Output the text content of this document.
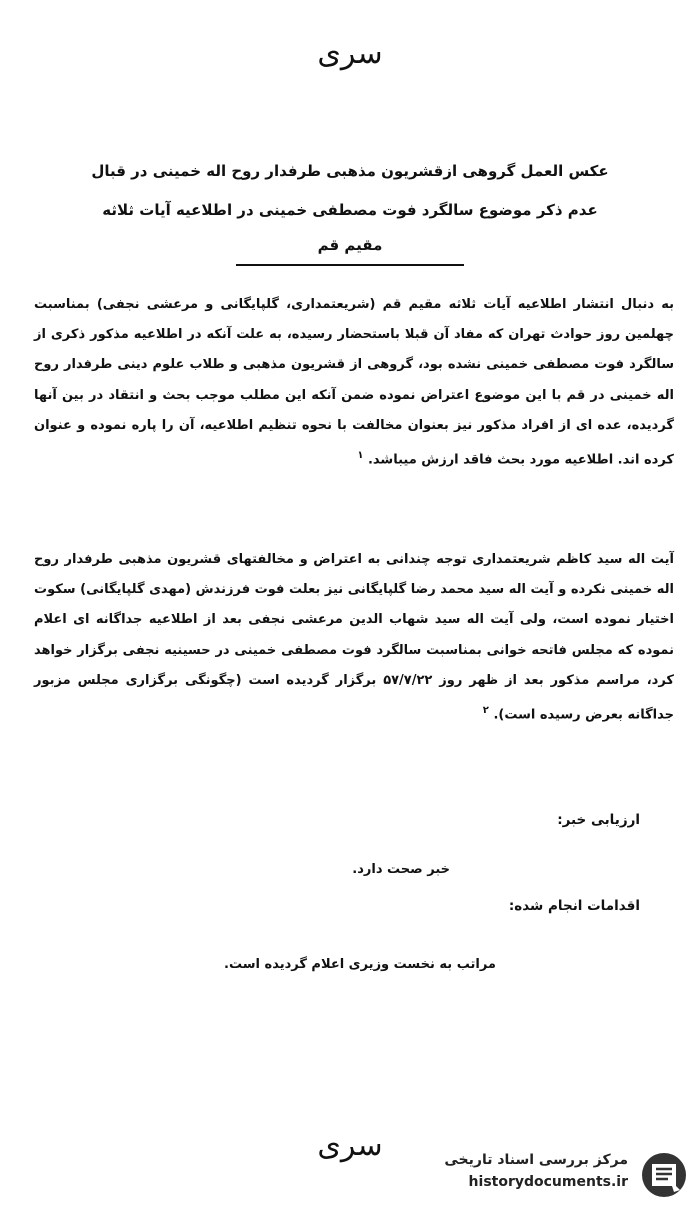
سری
عکس العمل گروهی ازقشریون مذهبی طرفدار روح اله خمینی در قبال
عدم ذکر موضوع سالگرد فوت مصطفی خمینی در اطلاعیه آیات ثلاثه
مقیم قم
به دنبال انتشار اطلاعیه آیات ثلاثه مقیم قم (شریعتمداری، گلپایگانی و مرعشی نجفی) بمناسبت چهلمین روز حوادث تهران که مفاد آن قبلا باستحضار رسیده، به علت آنکه در اطلاعیه مذکور ذکری از سالگرد فوت مصطفی خمینی نشده بود، گروهی از قشریون مذهبی و طلاب علوم دینی طرفدار روح اله خمینی در قم با این موضوع اعتراض نموده ضمن آنکه این مطلب موجب بحث و انتقاد در بین آنها گردیده، عده ای از افراد مذکور نیز بعنوان مخالفت با نحوه تنظیم اطلاعیه، آن را پاره نموده و عنوان کرده اند. اطلاعیه مورد بحث فاقد ارزش میباشد. $^۱$
آیت اله سید کاظم شریعتمداری توجه چندانی به اعتراض و مخالفتهای قشریون مذهبی طرفدار روح اله خمینی نکرده و آیت اله سید محمد رضا گلپایگانی نیز بعلت فوت فرزندش (مهدی گلپایگانی) سکوت اختیار نموده است، ولی آیت اله سید شهاب الدین مرعشی نجفی بعد از اطلاعیه جداگانه ای اعلام نموده که مجلس فاتحه خوانی بمناسبت سالگرد فوت مصطفی خمینی در حسینیه نجفی برگزار خواهد کرد، مراسم مذکور بعد از ظهر روز ۵۷/۷/۲۲ برگزار گردیده است (چگونگی برگزاری مجلس مزبور جداگانه بعرض رسیده است). $^۲$
ارزیابی خبر:
خبر صحت دارد.
اقدامات انجام شده:
مراتب به نخست وزیری اعلام گردیده است.
سری	مرکز بررسی اسناد تاریخی
historydocuments.ir
